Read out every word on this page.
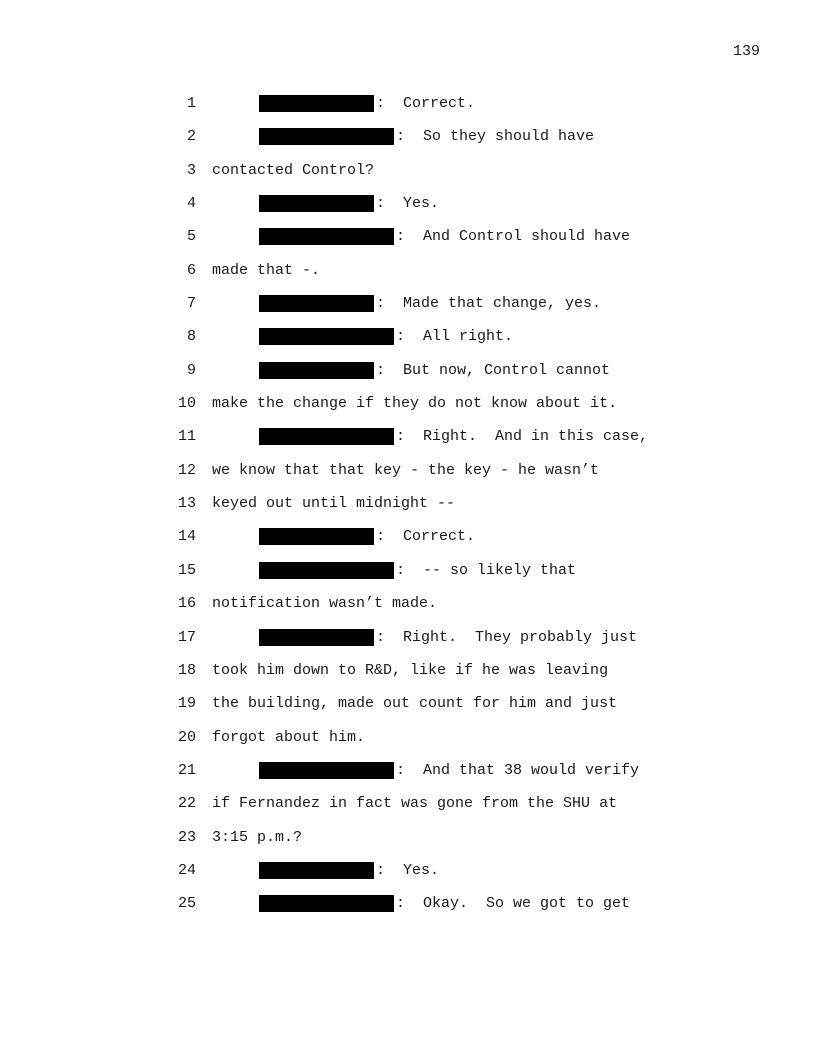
139
1	: Correct.
2	: So they should have
3 contacted Control?
4	: Yes.
5	: And Control should have
6 made that -.
7	: Made that change, yes.
8	: All right.
9	: But now, Control cannot
10 make the change if they do not know about it.
11	: Right.  And in this case,
12 we know that that key - the key - he wasn’t
13 keyed out until midnight --
14	: Correct.
15	: -- so likely that
16 notification wasn’t made.
17	: Right.  They probably just
18 took him down to R&D, like if he was leaving
19 the building, made out count for him and just
20 forgot about him.
21	: And that 38 would verify
22 if Fernandez in fact was gone from the SHU at
23 3:15 p.m.?
24	: Yes.
25	: Okay.  So we got to get
